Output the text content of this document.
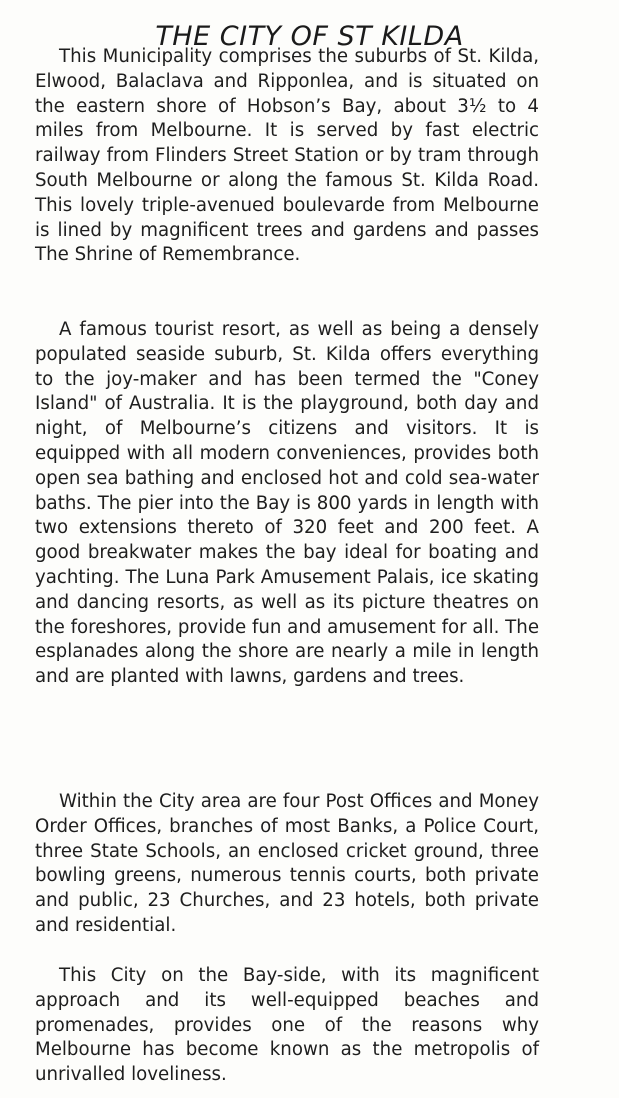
THE CITY OF ST KILDA

This Municipality comprises the suburbs of St. Kilda, Elwood, Balaclava and Ripponlea, and is situated on the eastern shore of Hobson’s Bay, about 3½ to 4 miles from Melbourne. It is served by fast electric railway from Flinders Street Station or by tram through South Melbourne or along the famous St. Kilda Road. This lovely triple-avenued boulevarde from Melbourne is lined by magnificent trees and gardens and passes The Shrine of Remembrance.

A famous tourist resort, as well as being a densely populated seaside suburb, St. Kilda offers everything to the joy-maker and has been termed the "Coney Island" of Australia. It is the playground, both day and night, of Melbourne’s citizens and visitors. It is equipped with all modern conveniences, provides both open sea bathing and enclosed hot and cold sea-water baths. The pier into the Bay is 800 yards in length with two extensions thereto of 320 feet and 200 feet. A good breakwater makes the bay ideal for boating and yachting. The Luna Park Amusement Palais, ice skating and dancing resorts, as well as its picture theatres on the foreshores, provide fun and amusement for all. The esplanades along the shore are nearly a mile in length and are planted with lawns, gardens and trees.

Within the City area are four Post Offices and Money Order Offices, branches of most Banks, a Police Court, three State Schools, an enclosed cricket ground, three bowling greens, numerous tennis courts, both private and public, 23 Churches, and 23 hotels, both private and residential.

This City on the Bay-side, with its magnificent approach and its well-equipped beaches and promenades, provides one of the reasons why Melbourne has become known as the metropolis of unrivalled loveliness.
